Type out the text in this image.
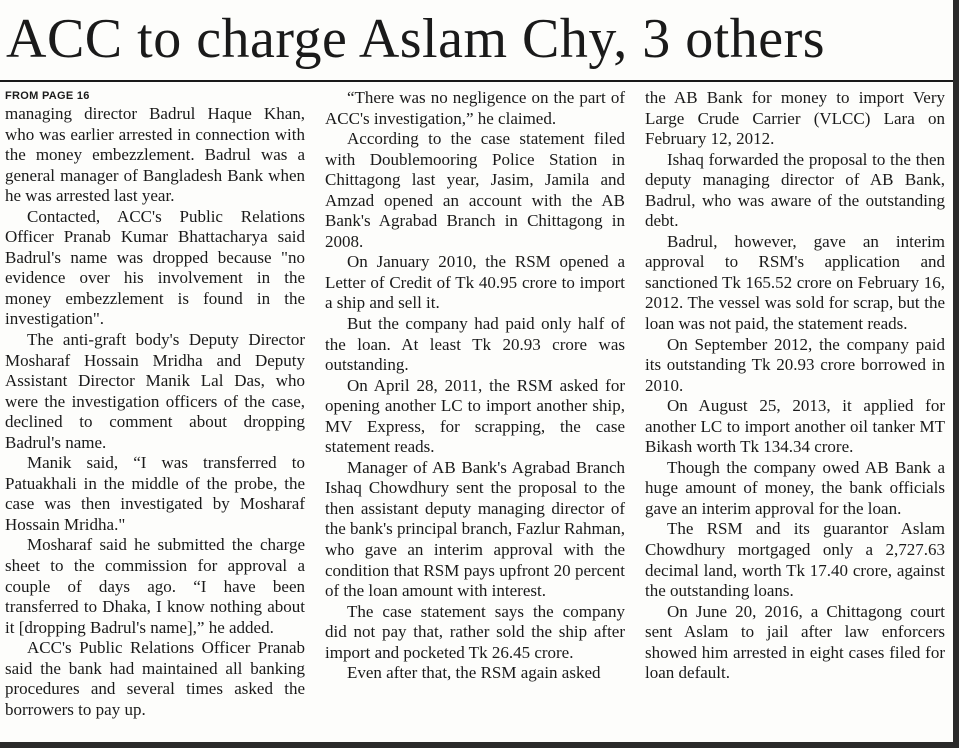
ACC to charge Aslam Chy, 3 others
FROM PAGE 16

managing director Badrul Haque Khan, who was earlier arrested in connection with the money embezzlement. Badrul was a general manager of Bangladesh Bank when he was arrested last year.

Contacted, ACC's Public Relations Officer Pranab Kumar Bhattacharya said Badrul's name was dropped because "no evidence over his involvement in the money embezzlement is found in the investigation".

The anti-graft body's Deputy Director Mosharaf Hossain Mridha and Deputy Assistant Director Manik Lal Das, who were the investigation officers of the case, declined to comment about dropping Badrul's name.

Manik said, “I was transferred to Patuakhali in the middle of the probe, the case was then investigated by Mosharaf Hossain Mridha."

Mosharaf said he submitted the charge sheet to the commission for approval a couple of days ago. “I have been transferred to Dhaka, I know nothing about it [dropping Badrul's name],” he added.

ACC's Public Relations Officer Pranab said the bank had maintained all banking procedures and several times asked the borrowers to pay up.

“There was no negligence on the part of ACC's investigation,” he claimed.

According to the case statement filed with Doublemooring Police Station in Chittagong last year, Jasim, Jamila and Amzad opened an account with the AB Bank's Agrabad Branch in Chittagong in 2008.

On January 2010, the RSM opened a Letter of Credit of Tk 40.95 crore to import a ship and sell it.

But the company had paid only half of the loan. At least Tk 20.93 crore was outstanding.

On April 28, 2011, the RSM asked for opening another LC to import another ship, MV Express, for scrapping, the case statement reads.

Manager of AB Bank's Agrabad Branch Ishaq Chowdhury sent the proposal to the then assistant deputy managing director of the bank's principal branch, Fazlur Rahman, who gave an interim approval with the condition that RSM pays upfront 20 percent of the loan amount with interest.

The case statement says the company did not pay that, rather sold the ship after import and pocketed Tk 26.45 crore.

Even after that, the RSM again asked

the AB Bank for money to import Very Large Crude Carrier (VLCC) Lara on February 12, 2012.

Ishaq forwarded the proposal to the then deputy managing director of AB Bank, Badrul, who was aware of the outstanding debt.

Badrul, however, gave an interim approval to RSM's application and sanctioned Tk 165.52 crore on February 16, 2012. The vessel was sold for scrap, but the loan was not paid, the statement reads.

On September 2012, the company paid its outstanding Tk 20.93 crore borrowed in 2010.

On August 25, 2013, it applied for another LC to import another oil tanker MT Bikash worth Tk 134.34 crore.

Though the company owed AB Bank a huge amount of money, the bank officials gave an interim approval for the loan.

The RSM and its guarantor Aslam Chowdhury mortgaged only a 2,727.63 decimal land, worth Tk 17.40 crore, against the outstanding loans.

On June 20, 2016, a Chittagong court sent Aslam to jail after law enforcers showed him arrested in eight cases filed for loan default.
